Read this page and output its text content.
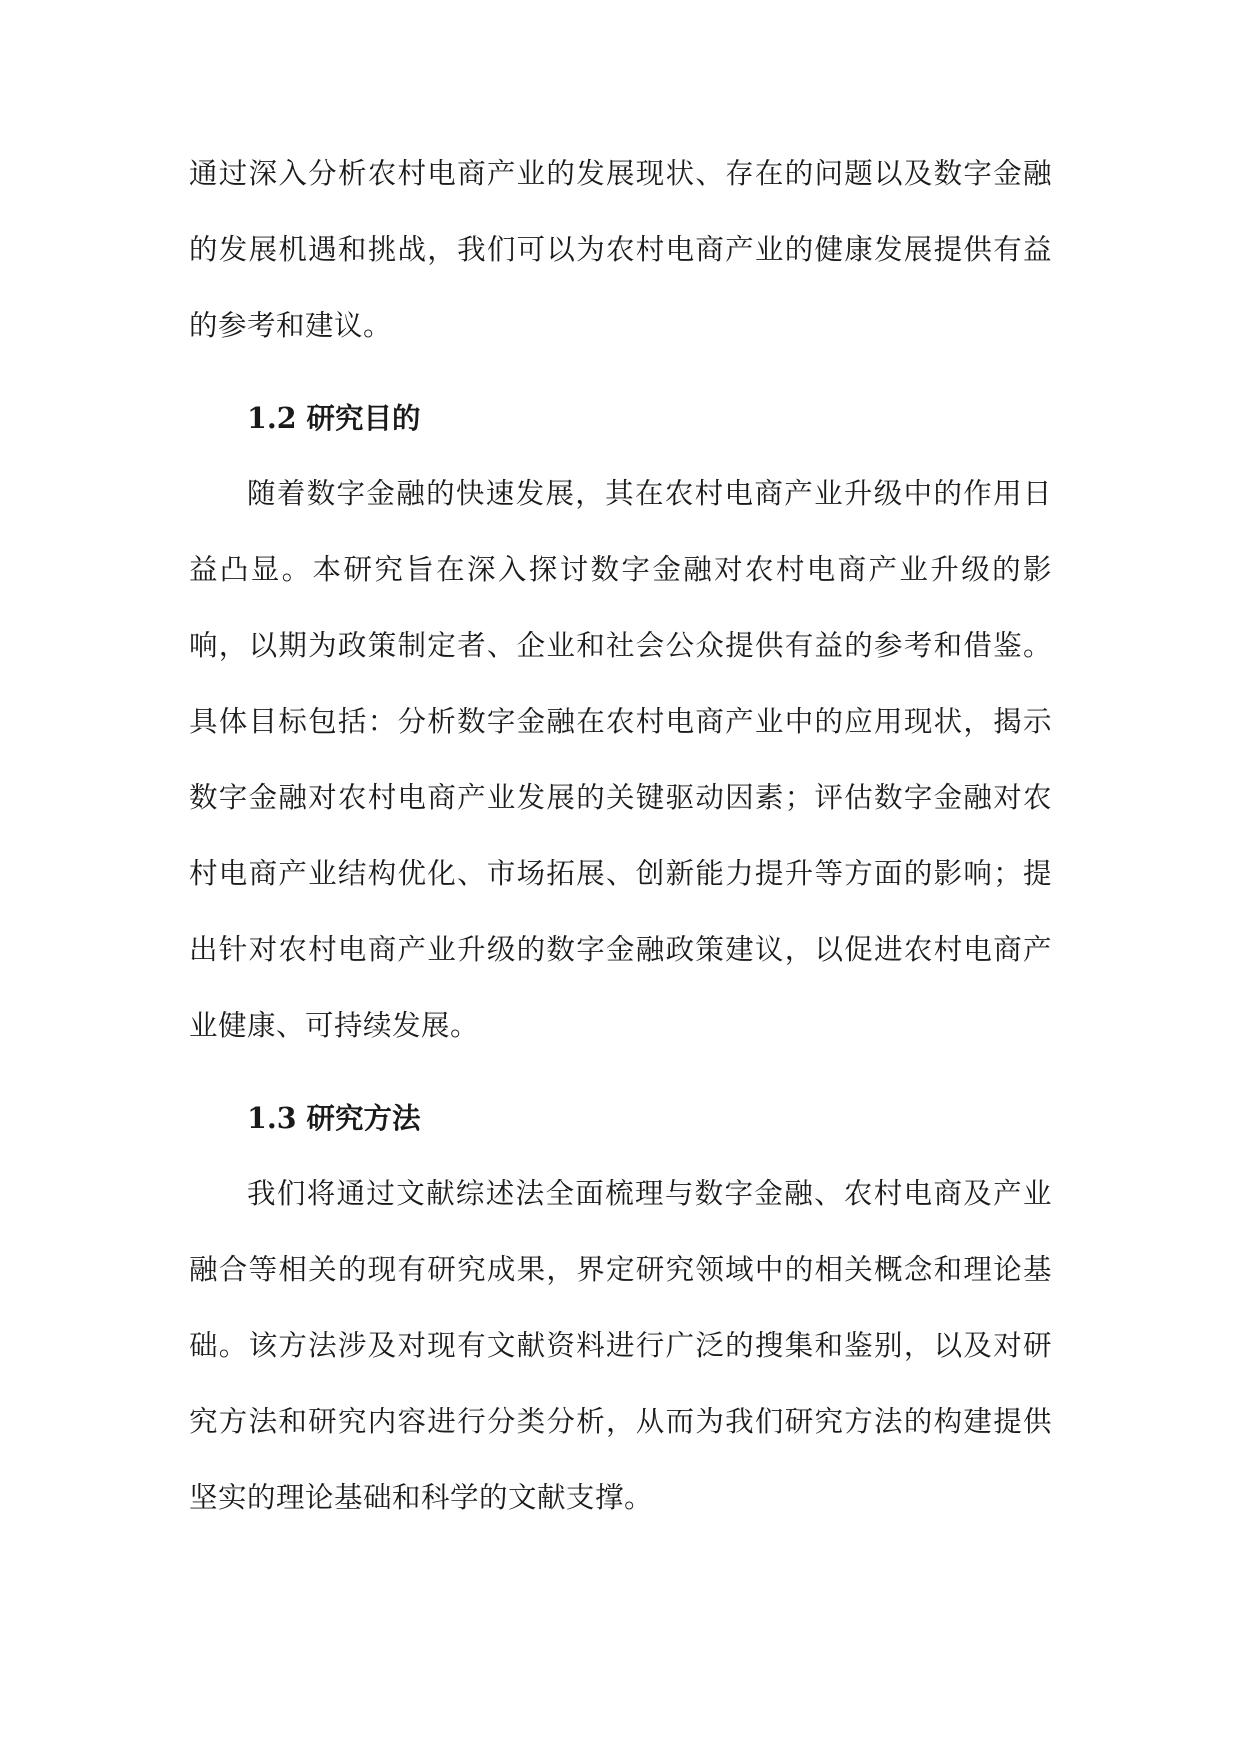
通过深入分析农村电商产业的发展现状、存在的问题以及数字金融的发展机遇和挑战，我们可以为农村电商产业的健康发展提供有益的参考和建议。

1.2 研究目的

随着数字金融的快速发展，其在农村电商产业升级中的作用日益凸显。本研究旨在深入探讨数字金融对农村电商产业升级的影响，以期为政策制定者、企业和社会公众提供有益的参考和借鉴。具体目标包括：分析数字金融在农村电商产业中的应用现状，揭示数字金融对农村电商产业发展的关键驱动因素；评估数字金融对农村电商产业结构优化、市场拓展、创新能力提升等方面的影响；提出针对农村电商产业升级的数字金融政策建议，以促进农村电商产业健康、可持续发展。

1.3 研究方法

我们将通过文献综述法全面梳理与数字金融、农村电商及产业融合等相关的现有研究成果，界定研究领域中的相关概念和理论基础。该方法涉及对现有文献资料进行广泛的搜集和鉴别，以及对研究方法和研究内容进行分类分析，从而为我们研究方法的构建提供坚实的理论基础和科学的文献支撑。
